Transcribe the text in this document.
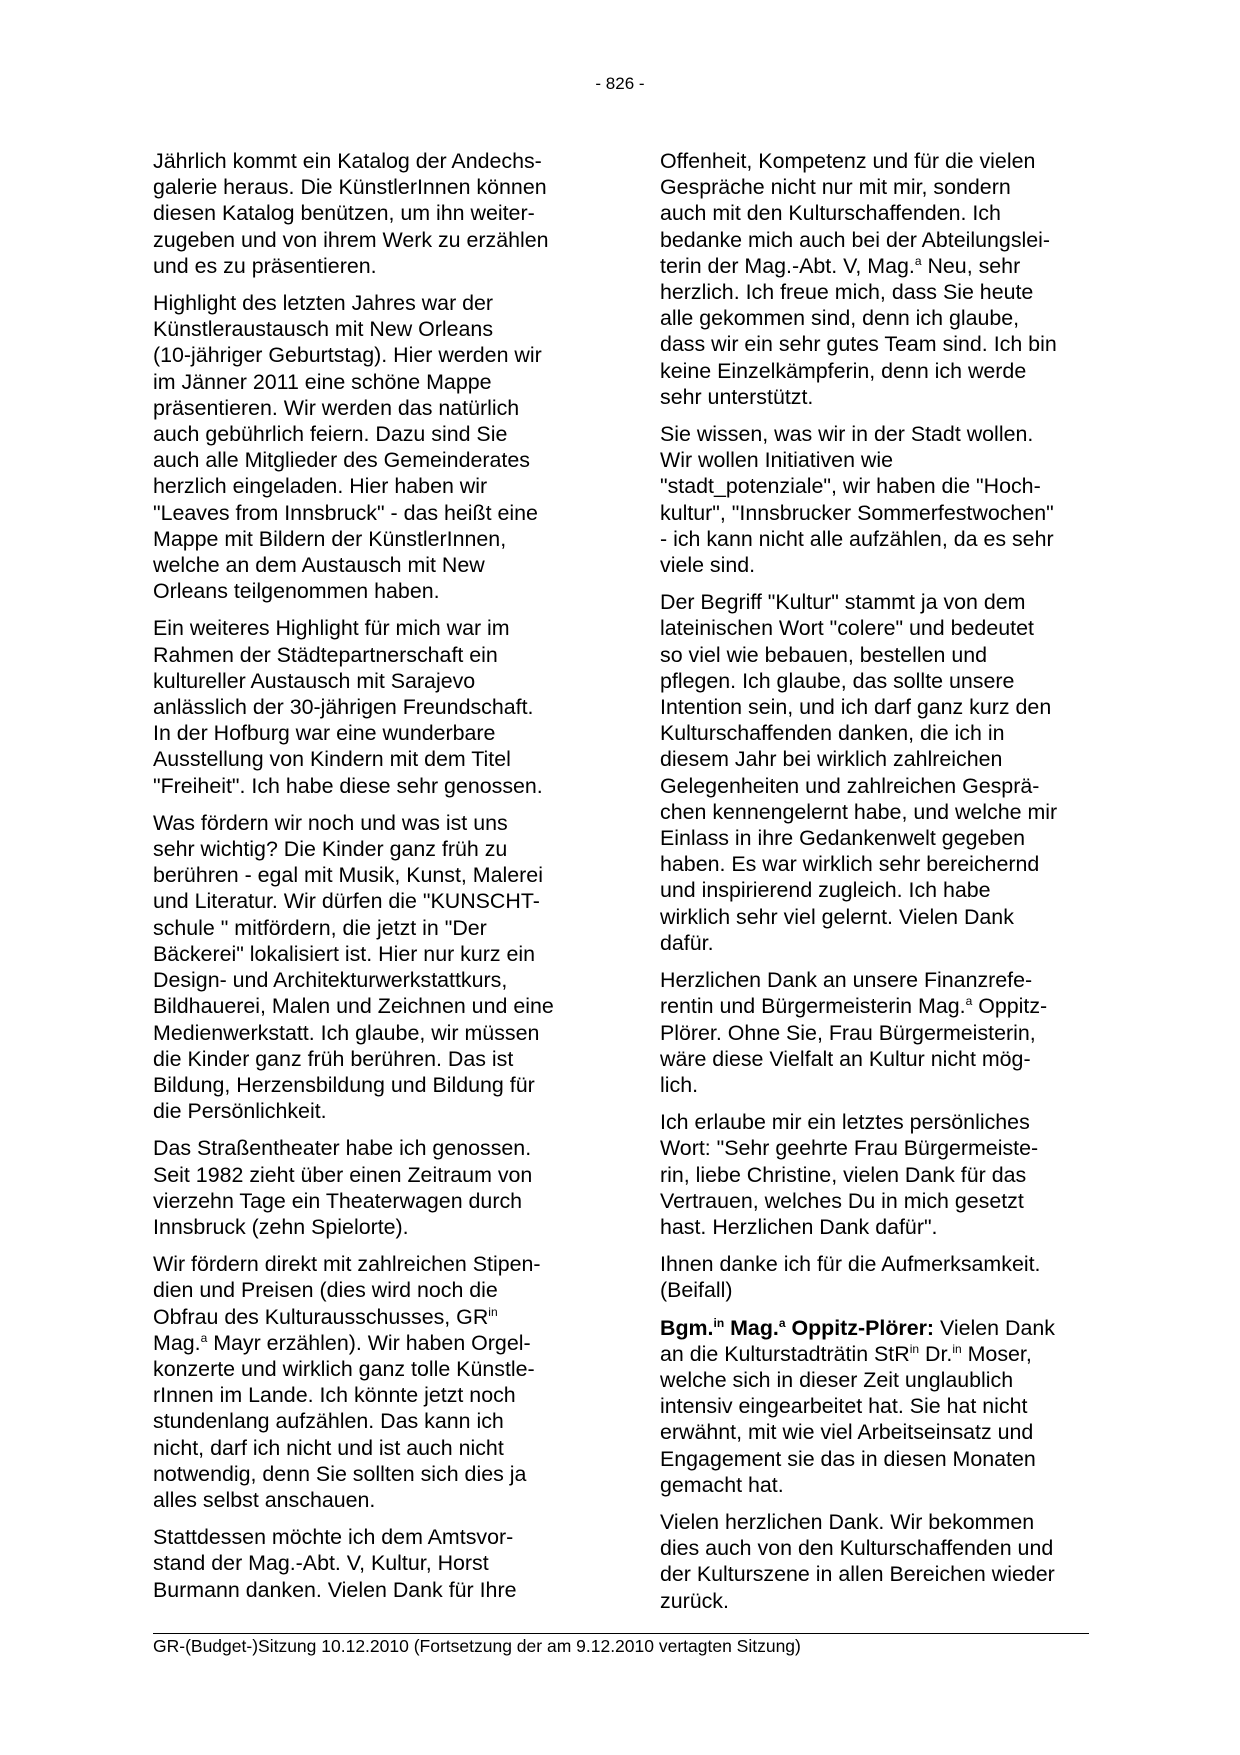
- 826 -

Jährlich kommt ein Katalog der Andechs-
galerie heraus. Die KünstlerInnen können
diesen Katalog benützen, um ihn weiter-
zugeben und von ihrem Werk zu erzählen
und es zu präsentieren.

Highlight des letzten Jahres war der
Künstleraustausch mit New Orleans
(10-jähriger Geburtstag). Hier werden wir
im Jänner 2011 eine schöne Mappe
präsentieren. Wir werden das natürlich
auch gebührlich feiern. Dazu sind Sie
auch alle Mitglieder des Gemeinderates
herzlich eingeladen. Hier haben wir
"Leaves from Innsbruck" - das heißt eine
Mappe mit Bildern der KünstlerInnen,
welche an dem Austausch mit New
Orleans teilgenommen haben.

Ein weiteres Highlight für mich war im
Rahmen der Städtepartnerschaft ein
kultureller Austausch mit Sarajevo
anlässlich der 30-jährigen Freundschaft.
In der Hofburg war eine wunderbare
Ausstellung von Kindern mit dem Titel
"Freiheit". Ich habe diese sehr genossen.

Was fördern wir noch und was ist uns
sehr wichtig? Die Kinder ganz früh zu
berühren - egal mit Musik, Kunst, Malerei
und Literatur. Wir dürfen die "KUNSCHT-
schule " mitfördern, die jetzt in "Der
Bäckerei" lokalisiert ist. Hier nur kurz ein
Design- und Architekturwerkstattkurs,
Bildhauerei, Malen und Zeichnen und eine
Medienwerkstatt. Ich glaube, wir müssen
die Kinder ganz früh berühren. Das ist
Bildung, Herzensbildung und Bildung für
die Persönlichkeit.

Das Straßentheater habe ich genossen.
Seit 1982 zieht über einen Zeitraum von
vierzehn Tage ein Theaterwagen durch
Innsbruck (zehn Spielorte).

Wir fördern direkt mit zahlreichen Stipen-
dien und Preisen (dies wird noch die
Obfrau des Kulturausschusses, $GR^{in}$
Mag.$^a$ Mayr erzählen). Wir haben Orgel-
konzerte und wirklich ganz tolle Künstle-
rInnen im Lande. Ich könnte jetzt noch
stundenlang aufzählen. Das kann ich
nicht, darf ich nicht und ist auch nicht
notwendig, denn Sie sollten sich dies ja
alles selbst anschauen.

Stattdessen möchte ich dem Amtsvor-
stand der Mag.-Abt. V, Kultur, Horst
Burmann danken. Vielen Dank für Ihre

Offenheit, Kompetenz und für die vielen
Gespräche nicht nur mit mir, sondern
auch mit den Kulturschaffenden. Ich
bedanke mich auch bei der Abteilungslei-
terin der Mag.-Abt. V, Mag.$^a$ Neu, sehr
herzlich. Ich freue mich, dass Sie heute
alle gekommen sind, denn ich glaube,
dass wir ein sehr gutes Team sind. Ich bin
keine Einzelkämpferin, denn ich werde
sehr unterstützt.

Sie wissen, was wir in der Stadt wollen.
Wir wollen Initiativen wie
"stadt_potenziale", wir haben die "Hoch-
kultur", "Innsbrucker Sommerfestwochen"
- ich kann nicht alle aufzählen, da es sehr
viele sind.

Der Begriff "Kultur" stammt ja von dem
lateinischen Wort "colere" und bedeutet
so viel wie bebauen, bestellen und
pflegen. Ich glaube, das sollte unsere
Intention sein, und ich darf ganz kurz den
Kulturschaffenden danken, die ich in
diesem Jahr bei wirklich zahlreichen
Gelegenheiten und zahlreichen Gesprä-
chen kennengelernt habe, und welche mir
Einlass in ihre Gedankenwelt gegeben
haben. Es war wirklich sehr bereichernd
und inspirierend zugleich. Ich habe
wirklich sehr viel gelernt. Vielen Dank
dafür.

Herzlichen Dank an unsere Finanzrefe-
rentin und Bürgermeisterin Mag.$^a$ Oppitz-
Plörer. Ohne Sie, Frau Bürgermeisterin,
wäre diese Vielfalt an Kultur nicht mög-
lich.

Ich erlaube mir ein letztes persönliches
Wort: "Sehr geehrte Frau Bürgermeiste-
rin, liebe Christine, vielen Dank für das
Vertrauen, welches Du in mich gesetzt
hast. Herzlichen Dank dafür".

Ihnen danke ich für die Aufmerksamkeit.
(Beifall)

Bgm.$^{in}$ Mag.$^a$ Oppitz-Plörer: Vielen Dank
an die Kulturstadträtin StR$^{in}$ Dr.$^{in}$ Moser,
welche sich in dieser Zeit unglaublich
intensiv eingearbeitet hat. Sie hat nicht
erwähnt, mit wie viel Arbeitseinsatz und
Engagement sie das in diesen Monaten
gemacht hat.

Vielen herzlichen Dank. Wir bekommen
dies auch von den Kulturschaffenden und
der Kulturszene in allen Bereichen wieder
zurück.

GR-(Budget-)Sitzung 10.12.2010 (Fortsetzung der am 9.12.2010 vertagten Sitzung)
